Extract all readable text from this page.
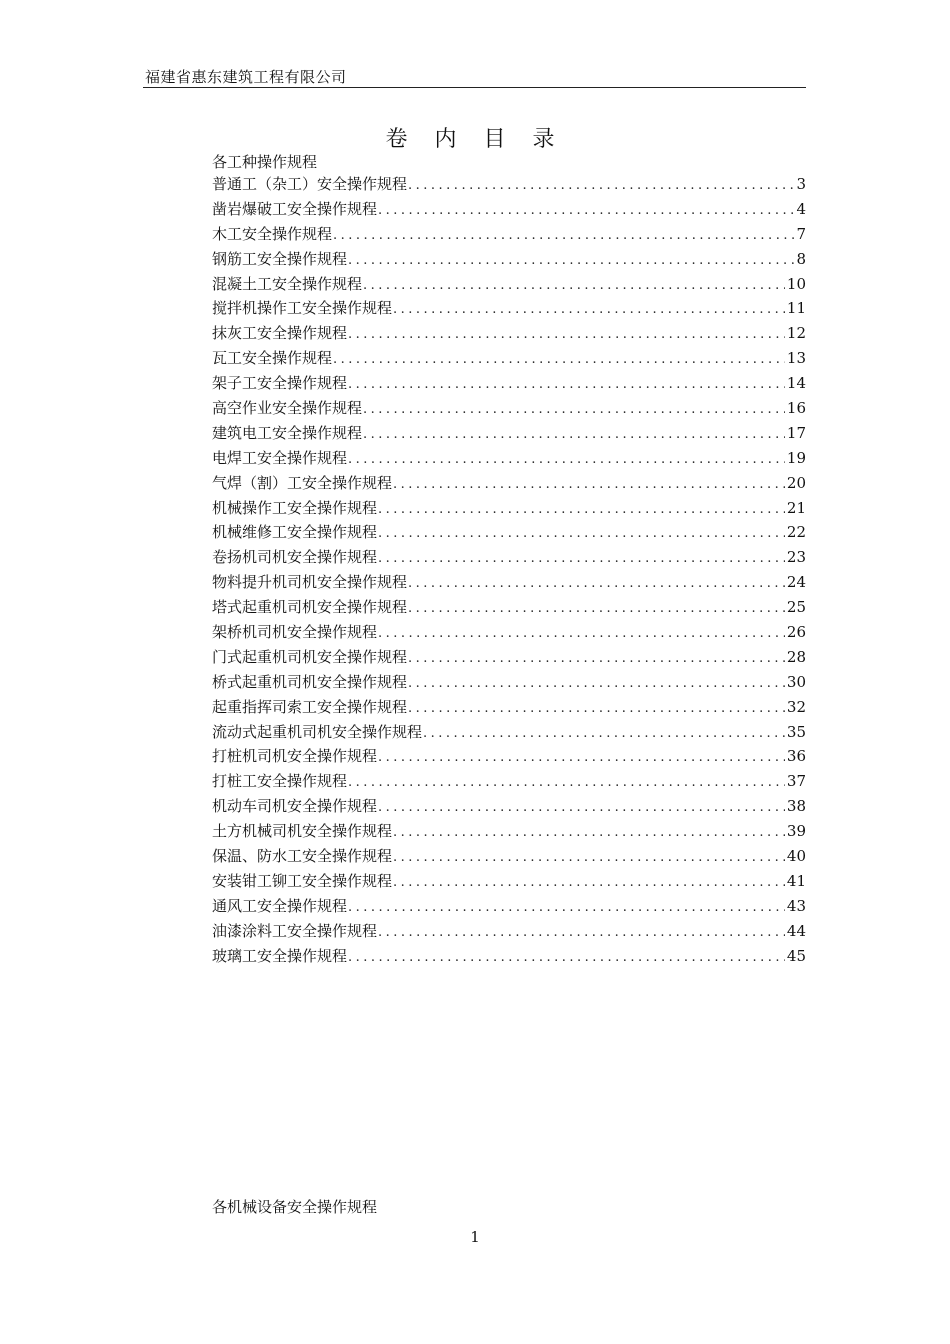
福建省惠东建筑工程有限公司
卷 内 目 录
各工种操作规程
普通工（杂工）安全操作规程 .....	3
凿岩爆破工安全操作规程 .....	4
木工安全操作规程 .....	7
钢筋工安全操作规程 .....	8
混凝土工安全操作规程 .....	10
搅拌机操作工安全操作规程 .....	11
抹灰工安全操作规程 .....	12
瓦工安全操作规程 .....	13
架子工安全操作规程 .....	14
高空作业安全操作规程 .....	16
建筑电工安全操作规程 .....	17
电焊工安全操作规程 .....	19
气焊（割）工安全操作规程 .....	20
机械操作工安全操作规程 .....	21
机械维修工安全操作规程 .....	22
卷扬机司机安全操作规程 .....	23
物料提升机司机安全操作规程 .....	24
塔式起重机司机安全操作规程 .....	25
架桥机司机安全操作规程 .....	26
门式起重机司机安全操作规程 .....	28
桥式起重机司机安全操作规程 .....	30
起重指挥司索工安全操作规程 .....	32
流动式起重机司机安全操作规程 .....	35
打桩机司机安全操作规程 .....	36
打桩工安全操作规程 .....	37
机动车司机安全操作规程 .....	38
土方机械司机安全操作规程 .....	39
保温、防水工安全操作规程 .....	40
安装钳工铆工安全操作规程 .....	41
通风工安全操作规程 .....	43
油漆涂料工安全操作规程 .....	44
玻璃工安全操作规程 .....	45
各机械设备安全操作规程
1
